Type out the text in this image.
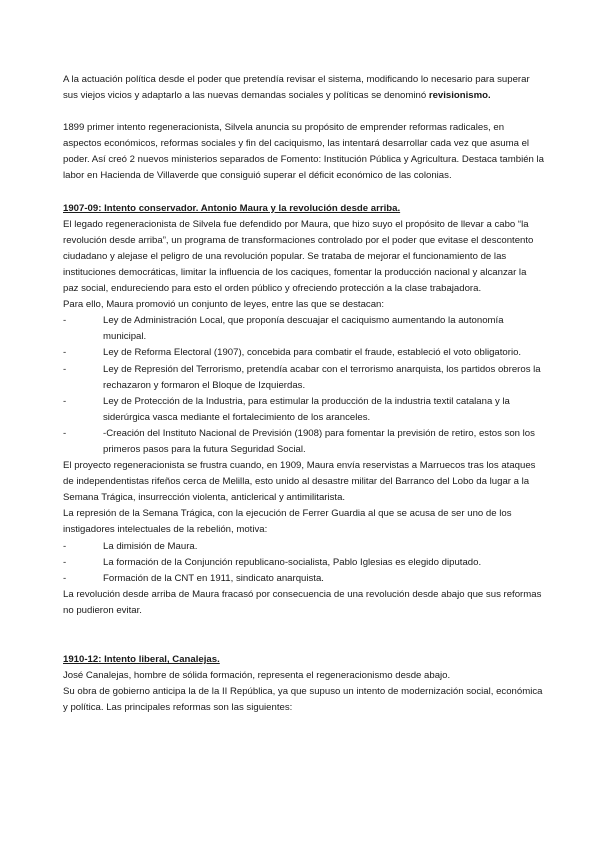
A la actuación política desde el poder que pretendía revisar el sistema, modificando lo necesario para superar sus viejos vicios y adaptarlo a las nuevas demandas sociales y políticas se denominó revisionismo.

1899 primer intento regeneracionista, Silvela anuncia su propósito de emprender reformas radicales, en aspectos económicos, reformas sociales y fin del caciquismo, las intentará desarrollar cada vez que asuma el poder. Así creó 2 nuevos ministerios separados de Fomento: Institución Pública y Agricultura. Destaca también la labor en Hacienda de Villaverde que consiguió superar el déficit económico de las colonias.

1907-09: Intento conservador. Antonio Maura y la revolución desde arriba.

El legado regeneracionista de Silvela fue defendido por Maura, que hizo suyo el propósito de llevar a cabo “la revolución desde arriba”, un programa de transformaciones controlado por el poder que evitase el descontento ciudadano y alejase el peligro de una revolución popular. Se trataba de mejorar el funcionamiento de las instituciones democráticas, limitar la influencia de los caciques, fomentar la producción nacional y alcanzar la paz social, endureciendo para esto el orden público y ofreciendo protección a la clase trabajadora.

Para ello, Maura promovió un conjunto de leyes, entre las que se destacan:

-	Ley de Administración Local, que proponía descuajar el caciquismo aumentando la autonomía municipal.
-	Ley de Reforma Electoral (1907), concebida para combatir el fraude, estableció el voto obligatorio.
-	Ley de Represión del Terrorismo, pretendía acabar con el terrorismo anarquista, los partidos obreros la rechazaron y formaron el Bloque de Izquierdas.
-	Ley de Protección de la Industria, para estimular la producción de la industria textil catalana y la siderúrgica vasca mediante el fortalecimiento de los aranceles.
-	-Creación del Instituto Nacional de Previsión (1908) para fomentar la previsión de retiro, estos son los primeros pasos para la futura Seguridad Social.

El proyecto regeneracionista se frustra cuando, en 1909, Maura envía reservistas a Marruecos tras los ataques de independentistas rifeños cerca de Melilla, esto unido al desastre militar del Barranco del Lobo da lugar a la Semana Trágica, insurrección violenta, anticlerical y antimilitarista.

La represión de la Semana Trágica, con la ejecución de Ferrer Guardia al que se acusa de ser uno de los instigadores intelectuales de la rebelión, motiva:

-	La dimisión de Maura.
-	La formación de la Conjunción republicano-socialista, Pablo Iglesias es elegido diputado.
-	Formación de la CNT en 1911, sindicato anarquista.

La revolución desde arriba de Maura fracasó por consecuencia de una revolución desde abajo que sus reformas no pudieron evitar.

1910-12: Intento liberal, Canalejas.

José Canalejas, hombre de sólida formación, representa el regeneracionismo desde abajo.

Su obra de gobierno anticipa la de la II República, ya que supuso un intento de modernización social, económica y política. Las principales reformas son las siguientes:
